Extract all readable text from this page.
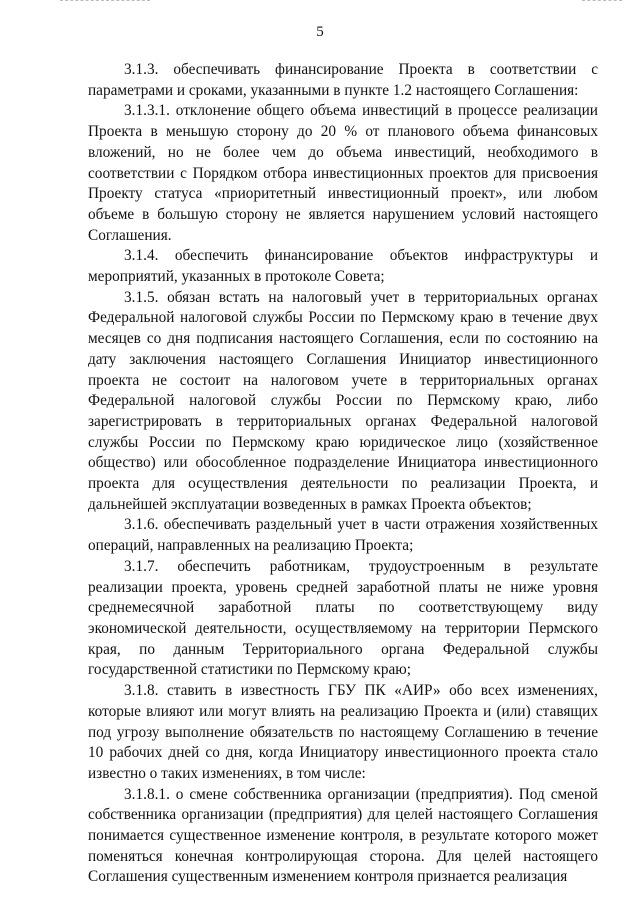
5

3.1.3. обеспечивать финансирование Проекта в соответствии с параметрами и сроками, указанными в пункте 1.2 настоящего Соглашения:

3.1.3.1. отклонение общего объема инвестиций в процессе реализации Проекта в меньшую сторону до 20 % от планового объема финансовых вложений, но не более чем до объема инвестиций, необходимого в соответствии с Порядком отбора инвестиционных проектов для присвоения Проекту статуса «приоритетный инвестиционный проект», или любом объеме в большую сторону не является нарушением условий настоящего Соглашения.

3.1.4. обеспечить финансирование объектов инфраструктуры и мероприятий, указанных в протоколе Совета;

3.1.5. обязан встать на налоговый учет в территориальных органах Федеральной налоговой службы России по Пермскому краю в течение двух месяцев со дня подписания настоящего Соглашения, если по состоянию на дату заключения настоящего Соглашения Инициатор инвестиционного проекта не состоит на налоговом учете в территориальных органах Федеральной налоговой службы России по Пермскому краю, либо зарегистрировать в территориальных органах Федеральной налоговой службы России по Пермскому краю юридическое лицо (хозяйственное общество) или обособленное подразделение Инициатора инвестиционного проекта для осуществления деятельности по реализации Проекта, и дальнейшей эксплуатации возведенных в рамках Проекта объектов;

3.1.6. обеспечивать раздельный учет в части отражения хозяйственных операций, направленных на реализацию Проекта;

3.1.7. обеспечить работникам, трудоустроенным в результате реализации проекта, уровень средней заработной платы не ниже уровня среднемесячной заработной платы по соответствующему виду экономической деятельности, осуществляемому на территории Пермского края, по данным Территориального органа Федеральной службы государственной статистики по Пермскому краю;

3.1.8. ставить в известность ГБУ ПК «АИР» обо всех изменениях, которые влияют или могут влиять на реализацию Проекта и (или) ставящих под угрозу выполнение обязательств по настоящему Соглашению в течение 10 рабочих дней со дня, когда Инициатору инвестиционного проекта стало известно о таких изменениях, в том числе:

3.1.8.1. о смене собственника организации (предприятия). Под сменой собственника организации (предприятия) для целей настоящего Соглашения понимается существенное изменение контроля, в результате которого может поменяться конечная контролирующая сторона. Для целей настоящего Соглашения существенным изменением контроля признается реализация
